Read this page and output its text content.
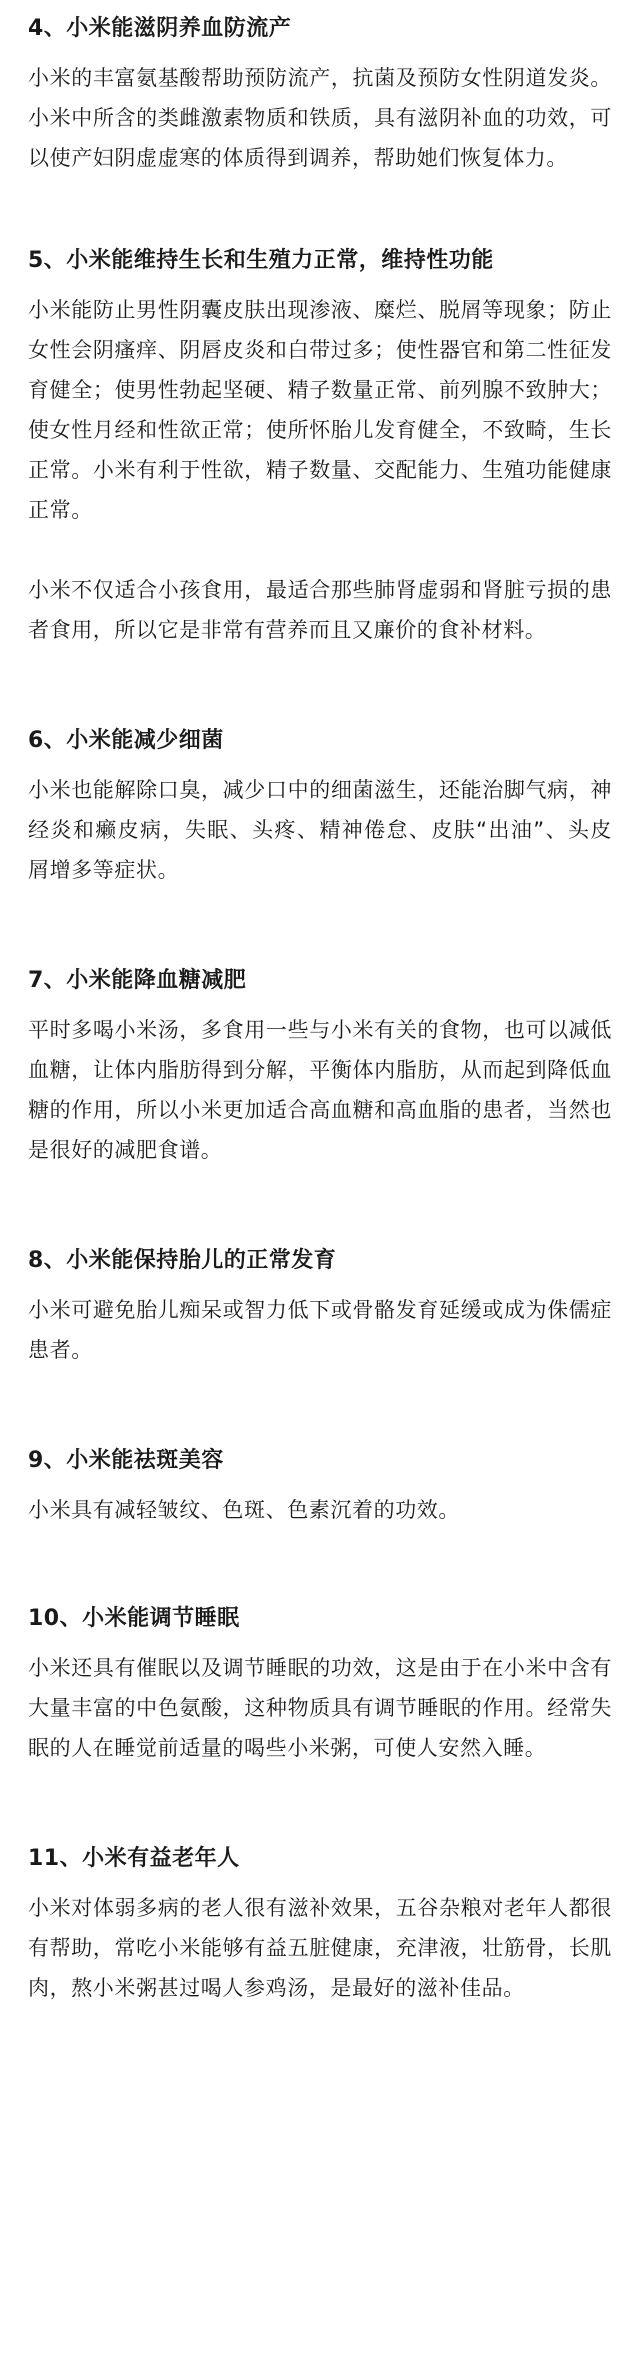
4、小米能滋阴养血防流产

小米的丰富氨基酸帮助预防流产，抗菌及预防女性阴道发炎。小米中所含的类雌激素物质和铁质，具有滋阴补血的功效，可以使产妇阴虚虚寒的体质得到调养，帮助她们恢复体力。

5、小米能维持生长和生殖力正常，维持性功能

小米能防止男性阴囊皮肤出现渗液、糜烂、脱屑等现象；防止女性会阴瘙痒、阴唇皮炎和白带过多；使性器官和第二性征发育健全；使男性勃起坚硬、精子数量正常、前列腺不致肿大；使女性月经和性欲正常；使所怀胎儿发育健全，不致畸，生长正常。小米有利于性欲，精子数量、交配能力、生殖功能健康正常。

小米不仅适合小孩食用，最适合那些肺肾虚弱和肾脏亏损的患者食用，所以它是非常有营养而且又廉价的食补材料。

6、小米能减少细菌

小米也能解除口臭，减少口中的细菌滋生，还能治脚气病，神经炎和癞皮病，失眠、头疼、精神倦怠、皮肤“出油”、头皮屑增多等症状。

7、小米能降血糖减肥

平时多喝小米汤，多食用一些与小米有关的食物，也可以减低血糖，让体内脂肪得到分解，平衡体内脂肪，从而起到降低血糖的作用，所以小米更加适合高血糖和高血脂的患者，当然也是很好的减肥食谱。

8、小米能保持胎儿的正常发育

小米可避免胎儿痴呆或智力低下或骨骼发育延缓或成为侏儒症患者。

9、小米能祛斑美容

小米具有减轻皱纹、色斑、色素沉着的功效。

10、小米能调节睡眠

小米还具有催眠以及调节睡眠的功效，这是由于在小米中含有大量丰富的中色氨酸，这种物质具有调节睡眠的作用。经常失眠的人在睡觉前适量的喝些小米粥，可使人安然入睡。

11、小米有益老年人

小米对体弱多病的老人很有滋补效果，五谷杂粮对老年人都很有帮助，常吃小米能够有益五脏健康，充津液，壮筋骨，长肌肉，熬小米粥甚过喝人参鸡汤，是最好的滋补佳品。
